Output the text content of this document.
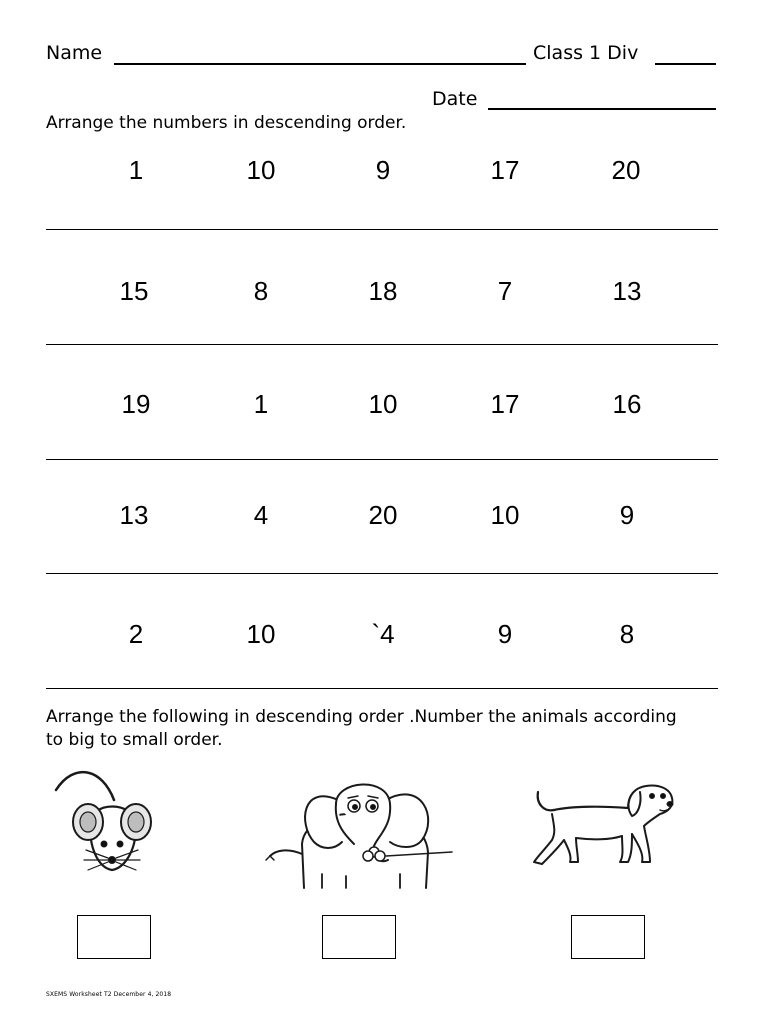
Name	Class 1 Div
Date
Arrange the numbers in descending order.
1	10	9	17	20
15	8	18	7	13
19	1	10	17	16
13	4	20	10	9
2	10	`4	9	8
Arrange the following in descending order .Number the animals according
to big to small order.
SXEMS Worksheet T2 December 4, 2018
